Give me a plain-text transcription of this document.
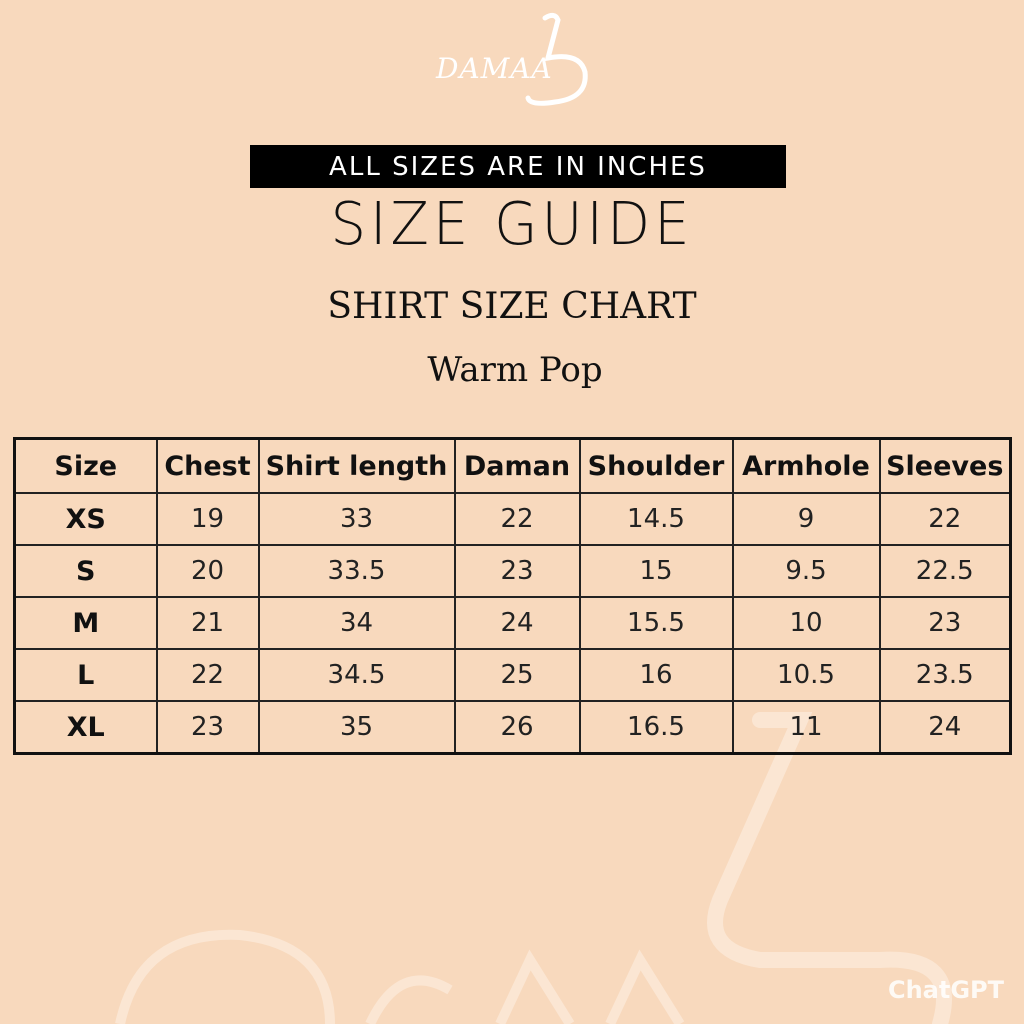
DAMAA
ALL SIZES ARE IN INCHES
SIZE GUIDE
SHIRT SIZE CHART
Warm Pop
Size	Chest	Shirt length	Daman	Shoulder	Armhole	Sleeves
XS	19	33	22	14.5	9	22
S	20	33.5	23	15	9.5	22.5
M	21	34	24	15.5	10	23
L	22	34.5	25	16	10.5	23.5
XL	23	35	26	16.5	11	24
ChatGPT
